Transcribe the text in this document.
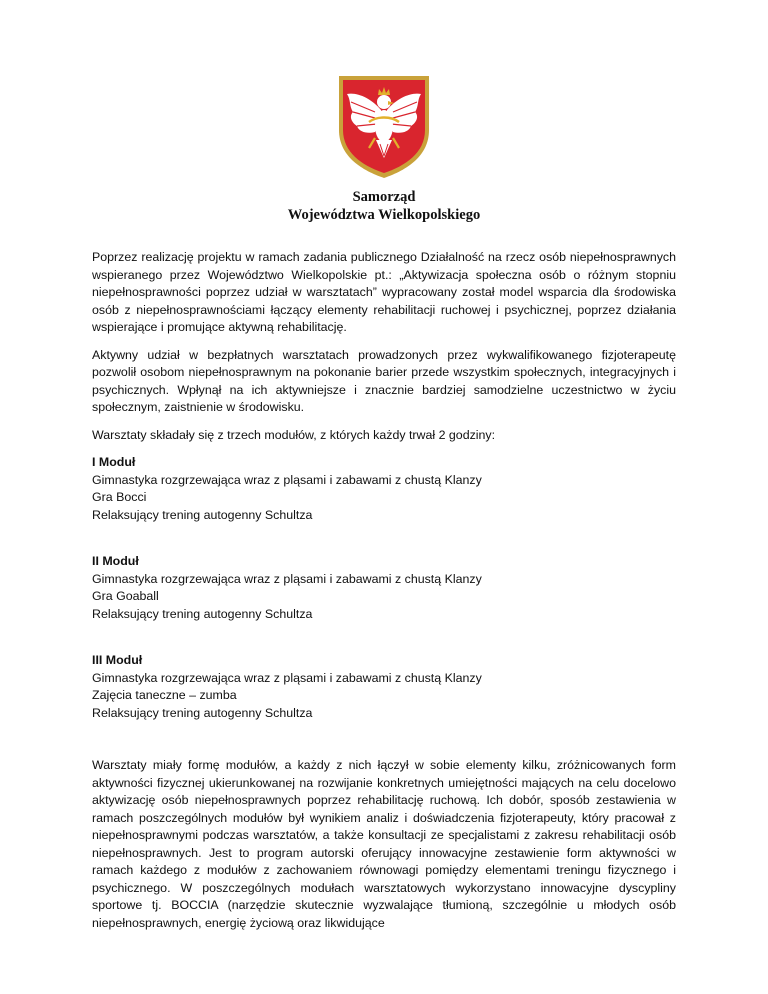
Samorząd
Województwa Wielkopolskiego

Poprzez realizację projektu w ramach zadania publicznego Działalność na rzecz osób niepełnosprawnych wspieranego przez Województwo Wielkopolskie pt.: „Aktywizacja społeczna osób o różnym stopniu niepełnosprawności poprzez udział w warsztatach” wypracowany został model wsparcia dla środowiska osób z niepełnosprawnościami łączący elementy rehabilitacji ruchowej i psychicznej, poprzez działania wspierające i promujące aktywną rehabilitację.

Aktywny udział w bezpłatnych warsztatach prowadzonych przez wykwalifikowanego fizjoterapeutę pozwolił osobom niepełnosprawnym na pokonanie barier przede wszystkim społecznych, integracyjnych i psychicznych. Wpłynął na ich aktywniejsze i znacznie bardziej samodzielne uczestnictwo w życiu społecznym, zaistnienie w środowisku.

Warsztaty składały się z trzech modułów, z których każdy trwał 2 godziny:

I Moduł
Gimnastyka rozgrzewająca wraz z pląsami i zabawami z chustą Klanzy
Gra Bocci
Relaksujący trening autogenny Schultza
II Moduł
Gimnastyka rozgrzewająca wraz z pląsami i zabawami z chustą Klanzy
Gra Goaball
Relaksujący trening autogenny Schultza
III Moduł
Gimnastyka rozgrzewająca wraz z pląsami i zabawami z chustą Klanzy
Zajęcia taneczne – zumba
Relaksujący trening autogenny Schultza

Warsztaty miały formę modułów, a każdy z nich łączył w sobie elementy kilku, zróżnicowanych form aktywności fizycznej ukierunkowanej na rozwijanie konkretnych umiejętności mających na celu docelowo aktywizację osób niepełnosprawnych poprzez rehabilitację ruchową. Ich dobór, sposób zestawienia w ramach poszczególnych modułów był wynikiem analiz i doświadczenia fizjoterapeuty, który pracował z niepełnosprawnymi podczas warsztatów, a także konsultacji ze specjalistami z zakresu rehabilitacji osób niepełnosprawnych. Jest to program autorski oferujący innowacyjne zestawienie form aktywności w ramach każdego z modułów z zachowaniem równowagi pomiędzy elementami treningu fizycznego i psychicznego. W poszczególnych modułach warsztatowych wykorzystano innowacyjne dyscypliny sportowe tj. BOCCIA (narzędzie skutecznie wyzwalające tłumioną, szczególnie u młodych osób niepełnosprawnych, energię życiową oraz likwidujące
